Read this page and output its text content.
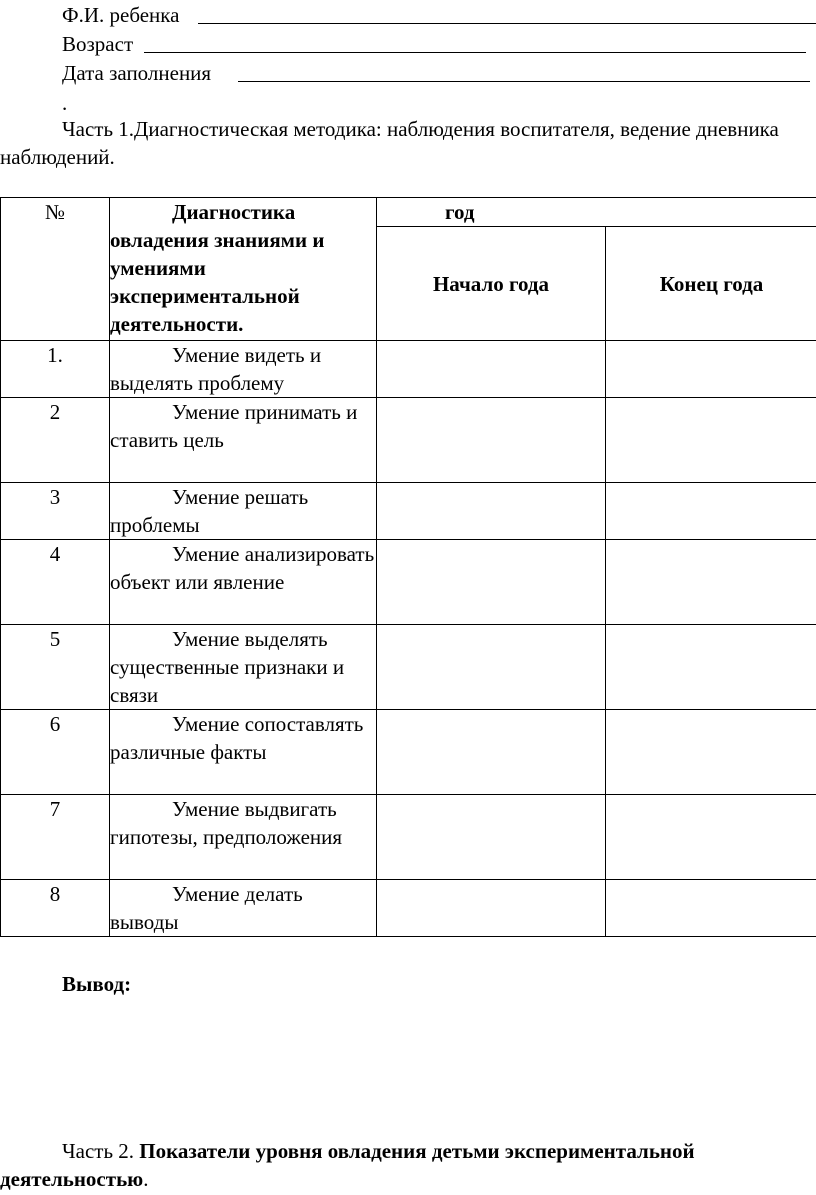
Ф.И. ребенка
Возраст
Дата заполнения
.

Часть 1.Диагностическая методика: наблюдения воспитателя, ведение дневника наблюдений.

№	Диагностика овладения знаниями и умениями экспериментальной деятельности.	год	
		Начало года	Конец года
1.	Умение видеть и выделять проблему		
2	Умение принимать и ставить цель		
3	Умение решать проблемы		
4	Умение анализировать объект или явление		
5	Умение выделять существенные признаки и связи		
6	Умение сопоставлять различные факты		
7	Умение выдвигать гипотезы, предположения		
8	Умение делать выводы		
Вывод:

Часть 2. Показатели уровня овладения детьми экспериментальной деятельностью.
